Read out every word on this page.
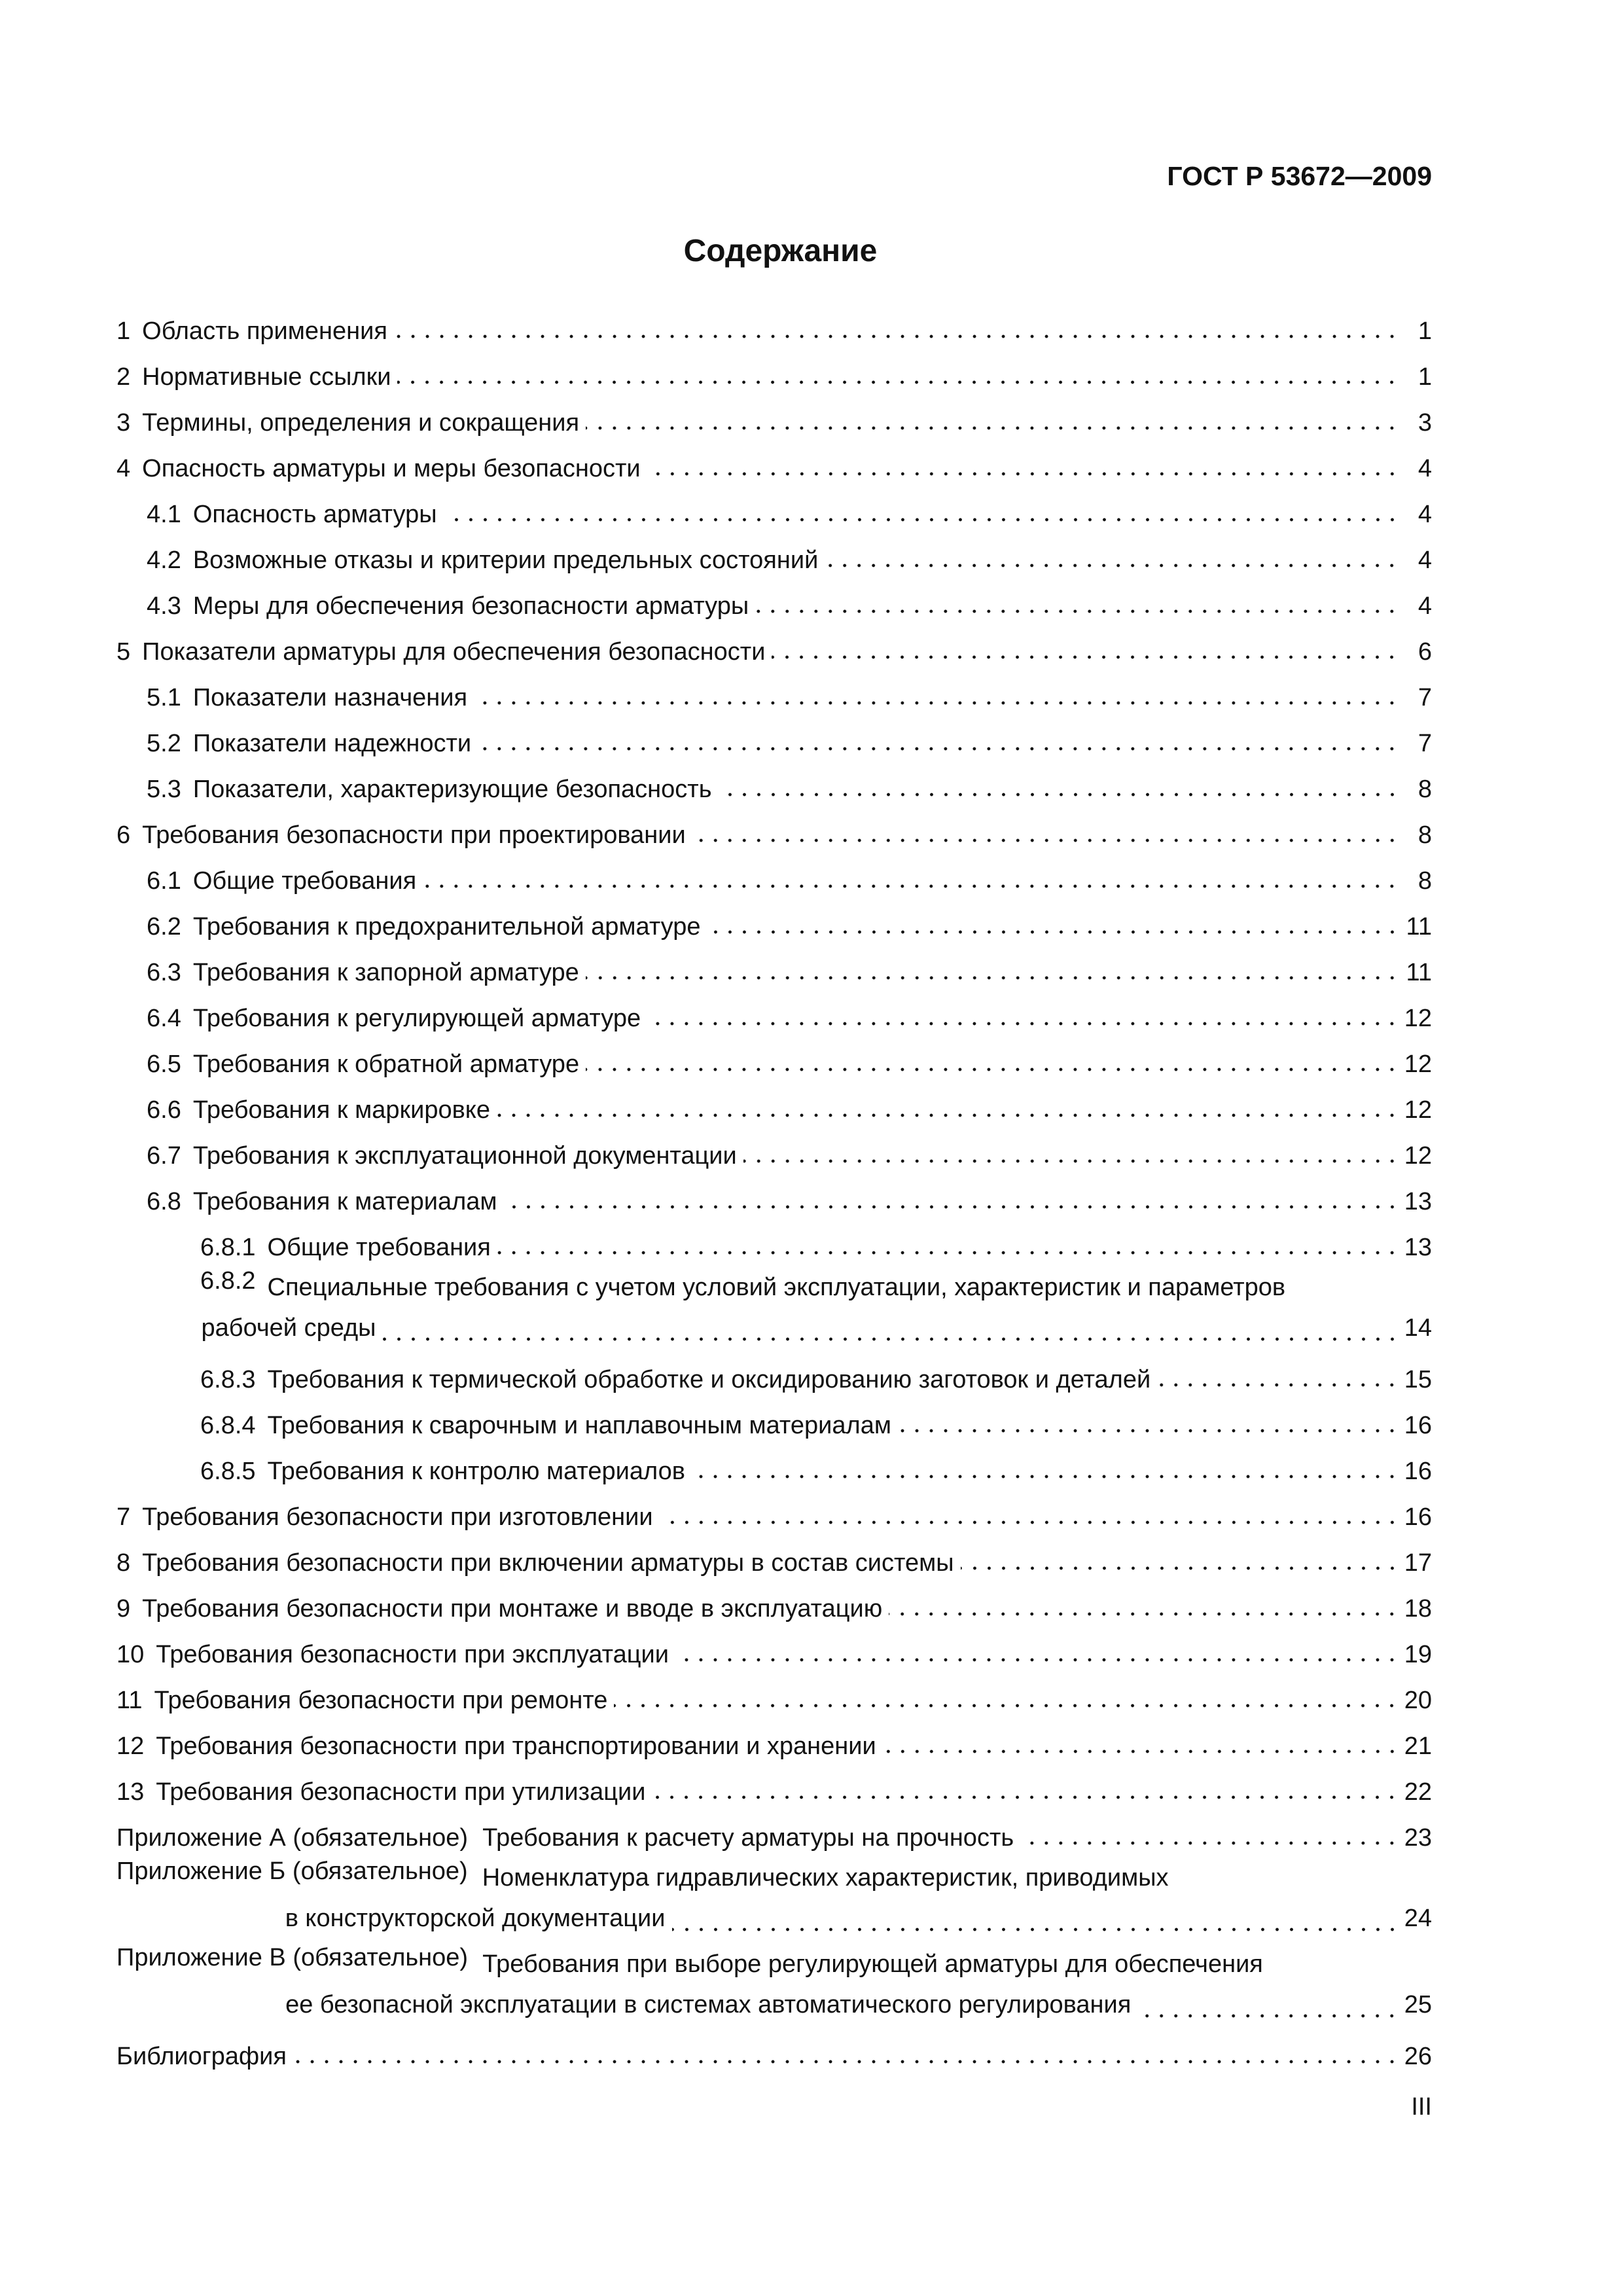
ГОСТ Р 53672—2009
Содержание
1 Область применения	1
2 Нормативные ссылки	1
3 Термины, определения и сокращения	3
4 Опасность арматуры и меры безопасности	4
4.1 Опасность арматуры	4
4.2 Возможные отказы и критерии предельных состояний	4
4.3 Меры для обеспечения безопасности арматуры	4
5 Показатели арматуры для обеспечения безопасности	6
5.1 Показатели назначения	7
5.2 Показатели надежности	7
5.3 Показатели, характеризующие безопасность	8
6 Требования безопасности при проектировании	8
6.1 Общие требования	8
6.2 Требования к предохранительной арматуре	11
6.3 Требования к запорной арматуре	11
6.4 Требования к регулирующей арматуре	12
6.5 Требования к обратной арматуре	12
6.6 Требования к маркировке	12
6.7 Требования к эксплуатационной документации	12
6.8 Требования к материалам	13
6.8.1 Общие требования	13
6.8.2 Специальные требования с учетом условий эксплуатации, характеристик и параметров
рабочей среды	14
6.8.3 Требования к термической обработке и оксидированию заготовок и деталей	15
6.8.4 Требования к сварочным и наплавочным материалам	16
6.8.5 Требования к контролю материалов	16
7 Требования безопасности при изготовлении	16
8 Требования безопасности при включении арматуры в состав системы	17
9 Требования безопасности при монтаже и вводе в эксплуатацию	18
10 Требования безопасности при эксплуатации	19
11 Требования безопасности при ремонте	20
12 Требования безопасности при транспортировании и хранении	21
13 Требования безопасности при утилизации	22
Приложение А (обязательное) Требования к расчету арматуры на прочность	23
Приложение Б (обязательное) Номенклатура гидравлических характеристик, приводимых
в конструкторской документации	24
Приложение В (обязательное) Требования при выборе регулирующей арматуры для обеспечения
ее безопасной эксплуатации в системах автоматического регулирования	25
Библиография	26
III
